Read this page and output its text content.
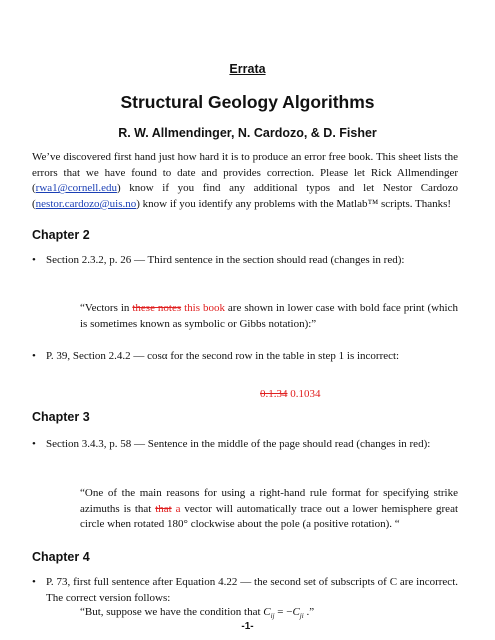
Errata
Structural Geology Algorithms
R. W. Allmendinger, N. Cardozo, & D. Fisher
We’ve discovered first hand just how hard it is to produce an error free book. This sheet lists the errors that we have found to date and provides correction. Please let Rick Allmendinger (rwa1@cornell.edu) know if you find any additional typos and let Nestor Cardozo (nestor.cardozo@uis.no) know if you identify any problems with the Matlab™ scripts. Thanks!
Chapter 2
• Section 2.3.2, p. 26 — Third sentence in the section should read (changes in red):
“Vectors in these notes this book are shown in lower case with bold face print (which is sometimes known as symbolic or Gibbs notation):”
• P. 39, Section 2.4.2 — cosα for the second row in the table in step 1 is incorrect:
0.1.34 0.1034
Chapter 3
• Section 3.4.3, p. 58 — Sentence in the middle of the page should read (changes in red):
“One of the main reasons for using a right-hand rule format for specifying strike azimuths is that that a vector will automatically trace out a lower hemisphere great circle when rotated 180° clockwise about the pole (a positive rotation). “
Chapter 4
• P. 73, first full sentence after Equation 4.22 — the second set of subscripts of C are incorrect. The correct version follows:
“But, suppose we have the condition that $C_{ij} = -C_{ji}$ .”
-1-
